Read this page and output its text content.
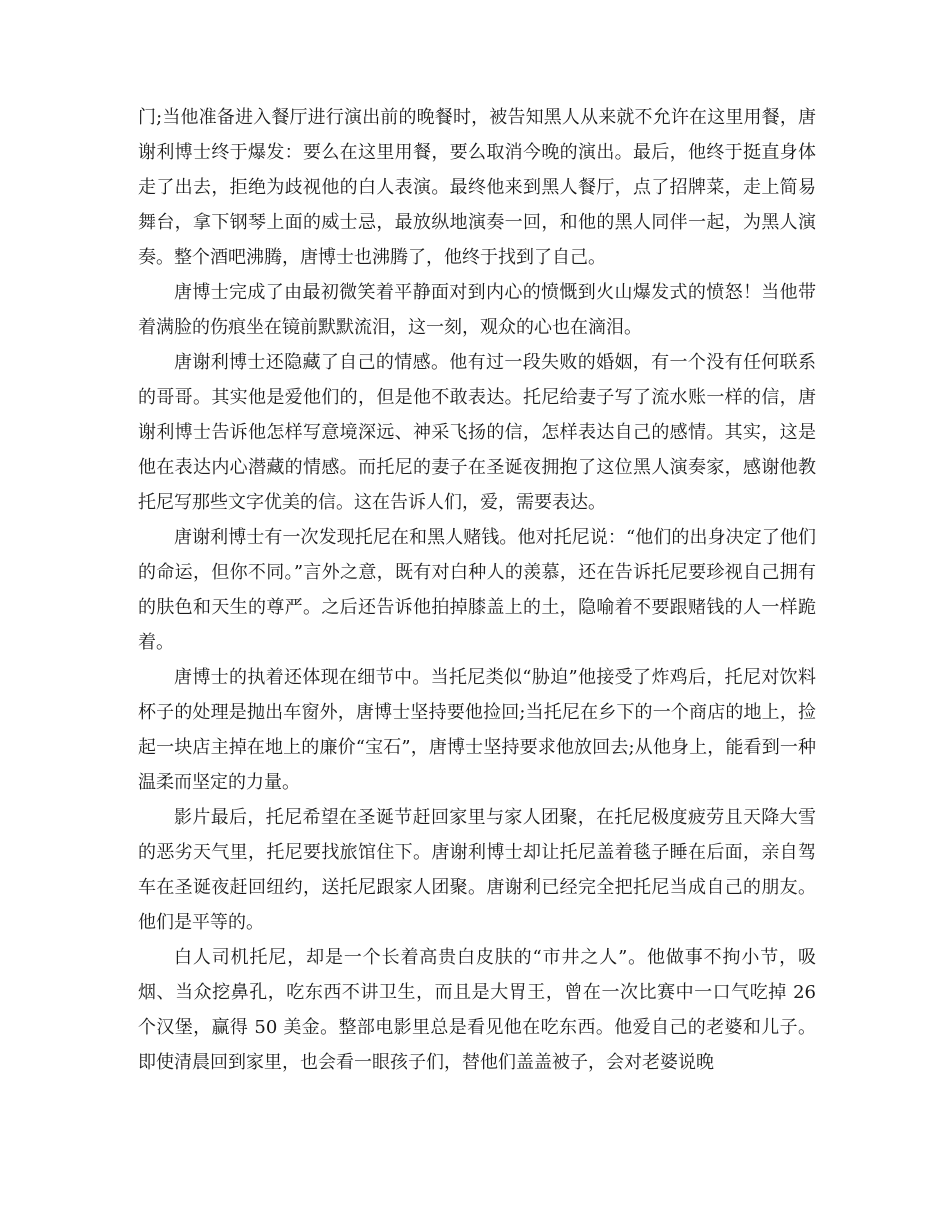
门;当他准备进入餐厅进行演出前的晚餐时，被告知黑人从来就不允许在这里用餐，唐谢利博士终于爆发：要么在这里用餐，要么取消今晚的演出。最后，他终于挺直身体走了出去，拒绝为歧视他的白人表演。最终他来到黑人餐厅，点了招牌菜，走上简易舞台，拿下钢琴上面的威士忌，最放纵地演奏一回，和他的黑人同伴一起，为黑人演奏。整个酒吧沸腾，唐博士也沸腾了，他终于找到了自己。

唐博士完成了由最初微笑着平静面对到内心的愤慨到火山爆发式的愤怒！当他带着满脸的伤痕坐在镜前默默流泪，这一刻，观众的心也在滴泪。

唐谢利博士还隐藏了自己的情感。他有过一段失败的婚姻，有一个没有任何联系的哥哥。其实他是爱他们的，但是他不敢表达。托尼给妻子写了流水账一样的信，唐谢利博士告诉他怎样写意境深远、神采飞扬的信，怎样表达自己的感情。其实，这是他在表达内心潜藏的情感。而托尼的妻子在圣诞夜拥抱了这位黑人演奏家，感谢他教托尼写那些文字优美的信。这在告诉人们，爱，需要表达。

唐谢利博士有一次发现托尼在和黑人赌钱。他对托尼说：“他们的出身决定了他们的命运，但你不同。”言外之意，既有对白种人的羡慕，还在告诉托尼要珍视自己拥有的肤色和天生的尊严。之后还告诉他拍掉膝盖上的土，隐喻着不要跟赌钱的人一样跪着。

唐博士的执着还体现在细节中。当托尼类似“胁迫”他接受了炸鸡后，托尼对饮料杯子的处理是抛出车窗外，唐博士坚持要他捡回;当托尼在乡下的一个商店的地上，捡起一块店主掉在地上的廉价“宝石”，唐博士坚持要求他放回去;从他身上，能看到一种温柔而坚定的力量。

影片最后，托尼希望在圣诞节赶回家里与家人团聚，在托尼极度疲劳且天降大雪的恶劣天气里，托尼要找旅馆住下。唐谢利博士却让托尼盖着毯子睡在后面，亲自驾车在圣诞夜赶回纽约，送托尼跟家人团聚。唐谢利已经完全把托尼当成自己的朋友。他们是平等的。

白人司机托尼，却是一个长着高贵白皮肤的“市井之人”。他做事不拘小节，吸烟、当众挖鼻孔，吃东西不讲卫生，而且是大胃王，曾在一次比赛中一口气吃掉 26 个汉堡，赢得 50 美金。整部电影里总是看见他在吃东西。他爱自己的老婆和儿子。即使清晨回到家里，也会看一眼孩子们，替他们盖盖被子，会对老婆说晚
